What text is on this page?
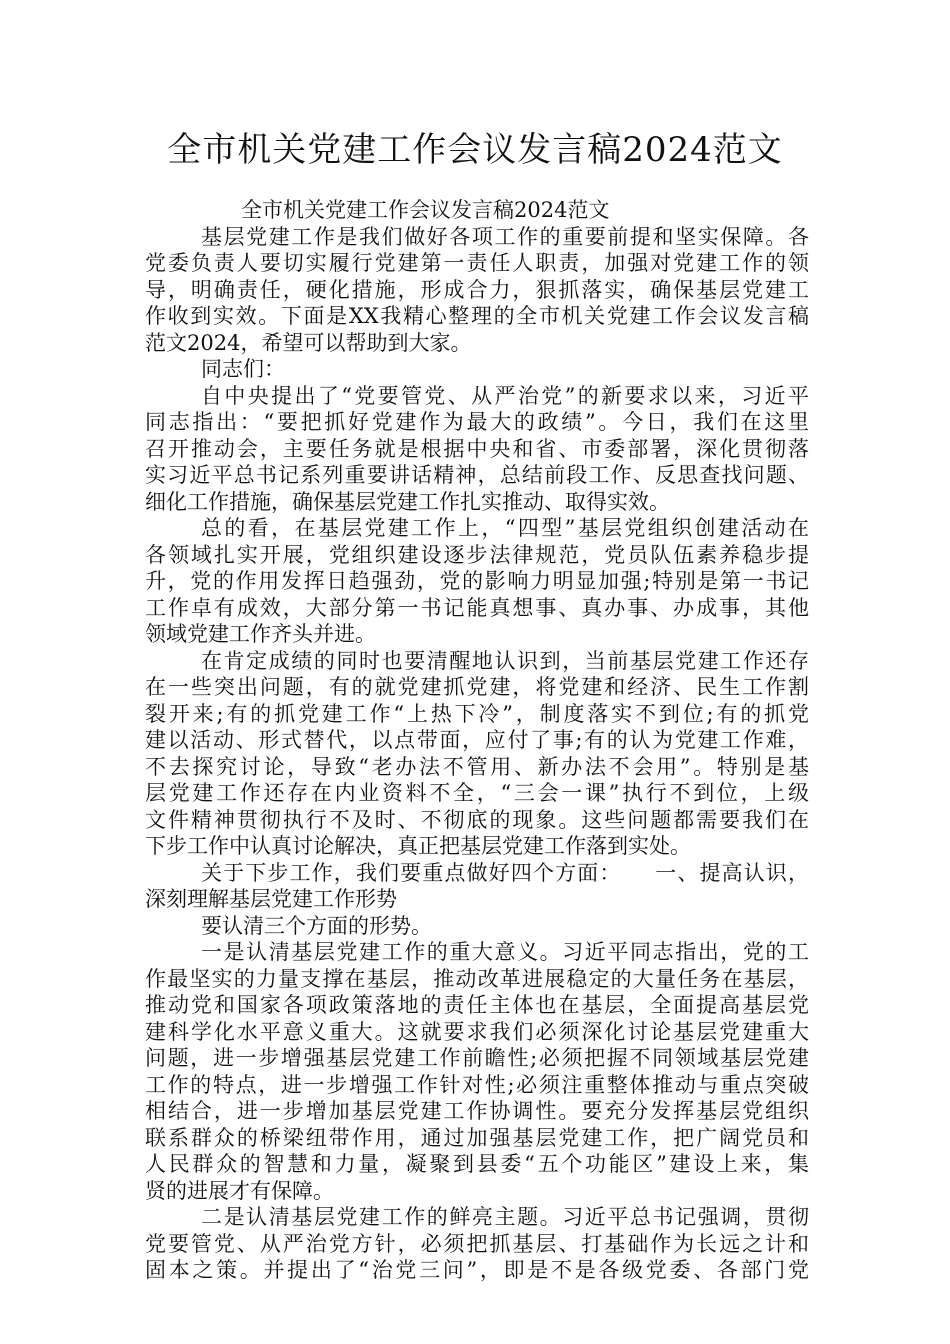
全市机关党建工作会议发言稿2024范文
全市机关党建工作会议发言稿2024范文
基层党建工作是我们做好各项工作的重要前提和坚实保障。各
党委负责人要切实履行党建第一责任人职责，加强对党建工作的领
导，明确责任，硬化措施，形成合力，狠抓落实，确保基层党建工
作收到实效。下面是XX我精心整理的全市机关党建工作会议发言稿
范文2024，希望可以帮助到大家。
同志们：
自中央提出了“党要管党、从严治党”的新要求以来，习近平
同志指出：“要把抓好党建作为最大的政绩”。今日，我们在这里
召开推动会，主要任务就是根据中央和省、市委部署，深化贯彻落
实习近平总书记系列重要讲话精神，总结前段工作、反思查找问题、
细化工作措施，确保基层党建工作扎实推动、取得实效。
总的看，在基层党建工作上，“四型”基层党组织创建活动在
各领域扎实开展，党组织建设逐步法律规范，党员队伍素养稳步提
升，党的作用发挥日趋强劲，党的影响力明显加强;特别是第一书记
工作卓有成效，大部分第一书记能真想事、真办事、办成事，其他
领域党建工作齐头并进。
在肯定成绩的同时也要清醒地认识到，当前基层党建工作还存
在一些突出问题，有的就党建抓党建，将党建和经济、民生工作割
裂开来;有的抓党建工作“上热下冷”，制度落实不到位;有的抓党
建以活动、形式替代，以点带面，应付了事;有的认为党建工作难，
不去探究讨论，导致“老办法不管用、新办法不会用”。特别是基
层党建工作还存在内业资料不全，“三会一课”执行不到位，上级
文件精神贯彻执行不及时、不彻底的现象。这些问题都需要我们在
下步工作中认真讨论解决，真正把基层党建工作落到实处。
关于下步工作，我们要重点做好四个方面：　　一、提高认识，
深刻理解基层党建工作形势
要认清三个方面的形势。
一是认清基层党建工作的重大意义。习近平同志指出，党的工
作最坚实的力量支撑在基层，推动改革进展稳定的大量任务在基层，
推动党和国家各项政策落地的责任主体也在基层，全面提高基层党
建科学化水平意义重大。这就要求我们必须深化讨论基层党建重大
问题，进一步增强基层党建工作前瞻性;必须把握不同领域基层党建
工作的特点，进一步增强工作针对性;必须注重整体推动与重点突破
相结合，进一步增加基层党建工作协调性。要充分发挥基层党组织
联系群众的桥梁纽带作用，通过加强基层党建工作，把广阔党员和
人民群众的智慧和力量，凝聚到县委“五个功能区”建设上来，集
贤的进展才有保障。
二是认清基层党建工作的鲜亮主题。习近平总书记强调，贯彻
党要管党、从严治党方针，必须把抓基层、打基础作为长远之计和
固本之策。并提出了“治党三问”，即是不是各级党委、各部门党
